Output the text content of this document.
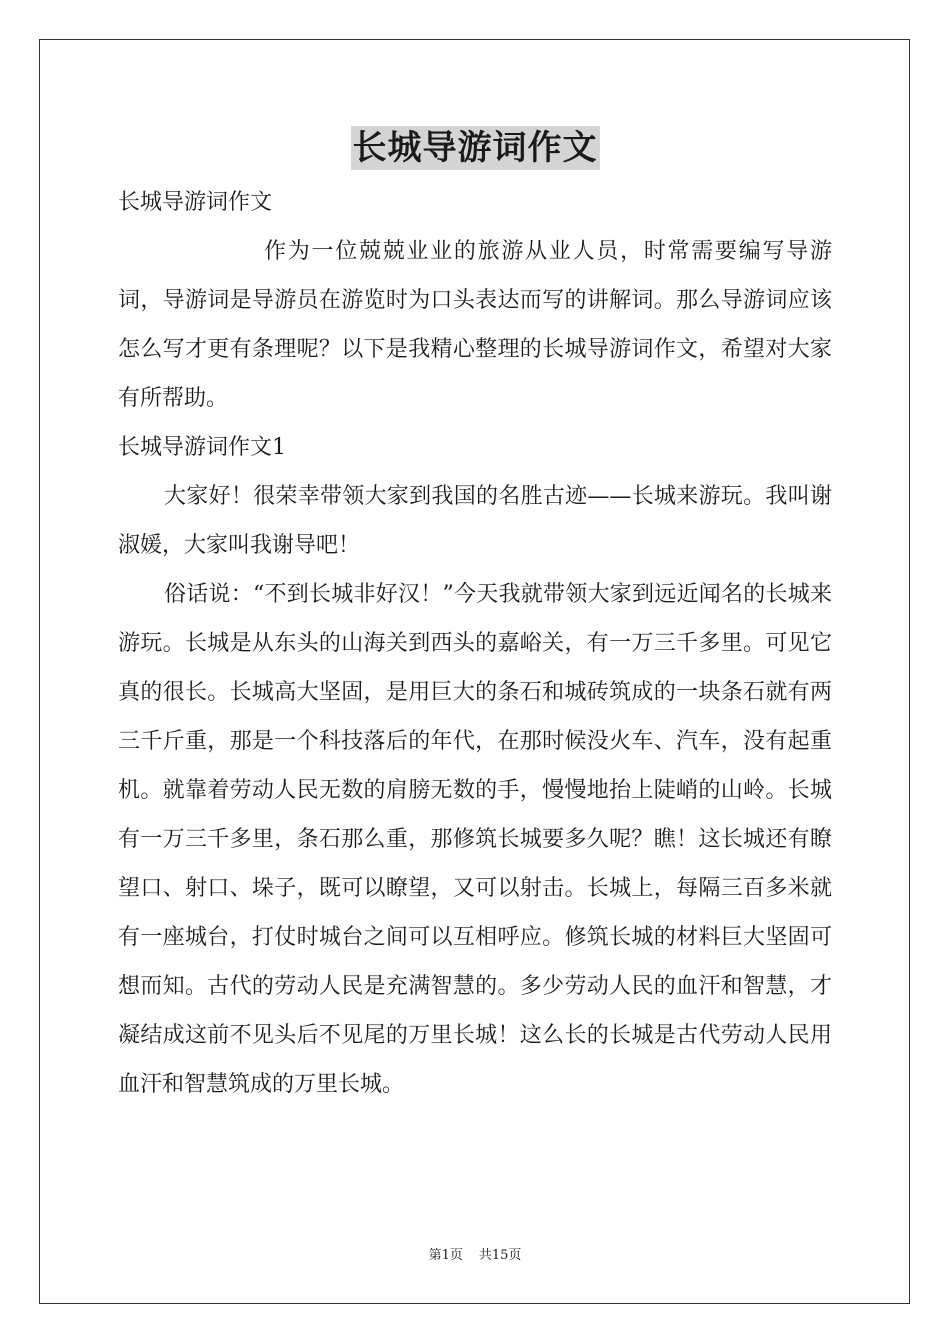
长城导游词作文

长城导游词作文

作为一位兢兢业业的旅游从业人员，时常需要编写导游词，导游词是导游员在游览时为口头表达而写的讲解词。那么导游词应该怎么写才更有条理呢？以下是我精心整理的长城导游词作文，希望对大家有所帮助。

长城导游词作文1

大家好！很荣幸带领大家到我国的名胜古迹——长城来游玩。我叫谢淑媛，大家叫我谢导吧！

俗话说：“不到长城非好汉！”今天我就带领大家到远近闻名的长城来游玩。长城是从东头的山海关到西头的嘉峪关，有一万三千多里。可见它真的很长。长城高大坚固，是用巨大的条石和城砖筑成的一块条石就有两三千斤重，那是一个科技落后的年代，在那时候没火车、汽车，没有起重机。就靠着劳动人民无数的肩膀无数的手，慢慢地抬上陡峭的山岭。长城有一万三千多里，条石那么重，那修筑长城要多久呢？瞧！这长城还有瞭望口、射口、垛子，既可以瞭望，又可以射击。长城上，每隔三百多米就有一座城台，打仗时城台之间可以互相呼应。修筑长城的材料巨大坚固可想而知。古代的劳动人民是充满智慧的。多少劳动人民的血汗和智慧，才凝结成这前不见头后不见尾的万里长城！这么长的长城是古代劳动人民用血汗和智慧筑成的万里长城。

第1页 共15页
